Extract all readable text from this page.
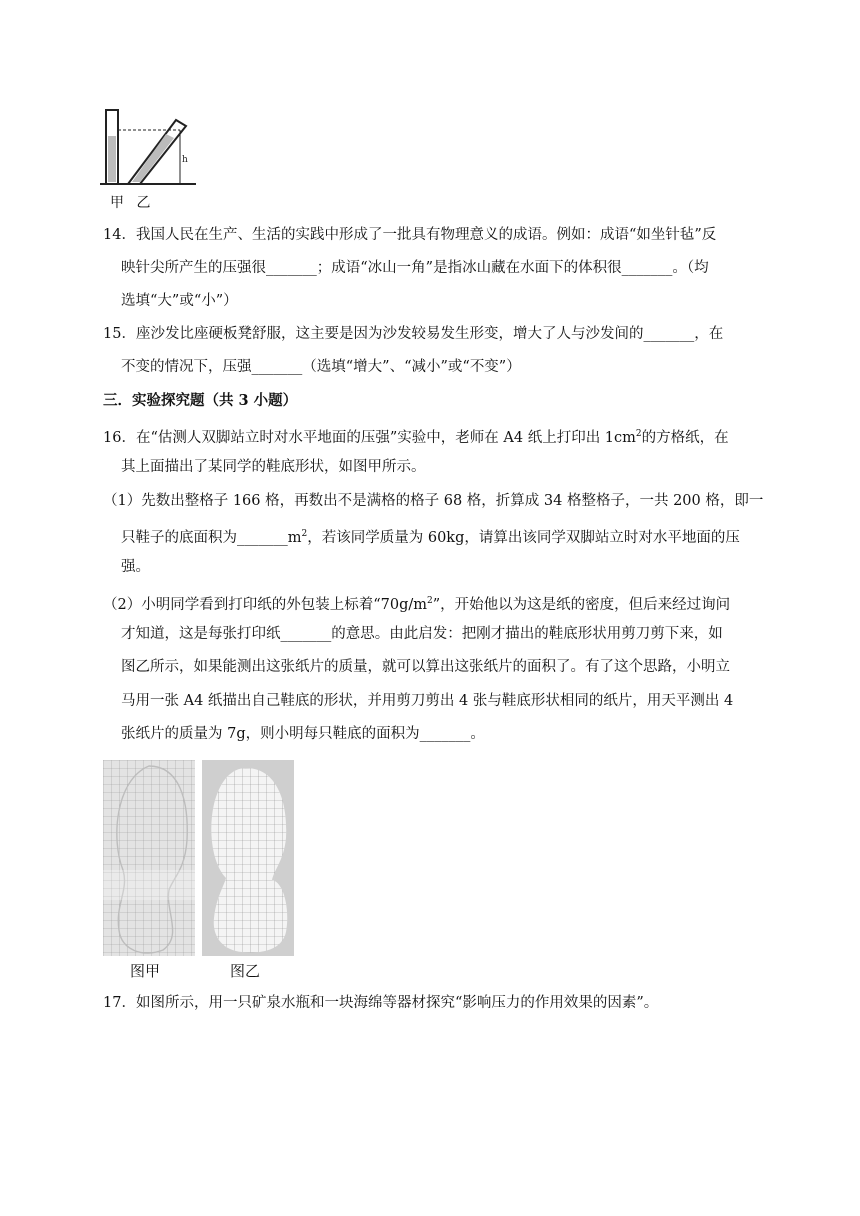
h
甲 乙
14．我国人民在生产、生活的实践中形成了一批具有物理意义的成语。例如：成语“如坐针毡”反
映针尖所产生的压强很_______；成语“冰山一角”是指冰山藏在水面下的体积很_______。（均
选填“大”或“小”）
15．座沙发比座硬板凳舒服，这主要是因为沙发较易发生形变，增大了人与沙发间的_______，在
不变的情况下，压强_______（选填“增大”、“减小”或“不变”）
三．实验探究题（共 3 小题）
16．在“估测人双脚站立时对水平地面的压强”实验中，老师在 A4 纸上打印出 $1cm^2$的方格纸，在
其上面描出了某同学的鞋底形状，如图甲所示。
（1）先数出整格子 166 格，再数出不是满格的格子 68 格，折算成 34 格整格子，一共 200 格，即一
只鞋子的底面积为$\_\_\_\_\_\_\_m^2$，若该同学质量为 60kg，请算出该同学双脚站立时对水平地面的压
强。
（2）小明同学看到打印纸的外包装上标着“$70g/m^2$”，开始他以为这是纸的密度，但后来经过询问
才知道，这是每张打印纸_______的意思。由此启发：把刚才描出的鞋底形状用剪刀剪下来，如
图乙所示，如果能测出这张纸片的质量，就可以算出这张纸片的面积了。有了这个思路，小明立
马用一张 A4 纸描出自己鞋底的形状，并用剪刀剪出 4 张与鞋底形状相同的纸片，用天平测出 4
张纸片的质量为 7g，则小明每只鞋底的面积为_______。
图甲	图乙
17．如图所示，用一只矿泉水瓶和一块海绵等器材探究“影响压力的作用效果的因素”。
